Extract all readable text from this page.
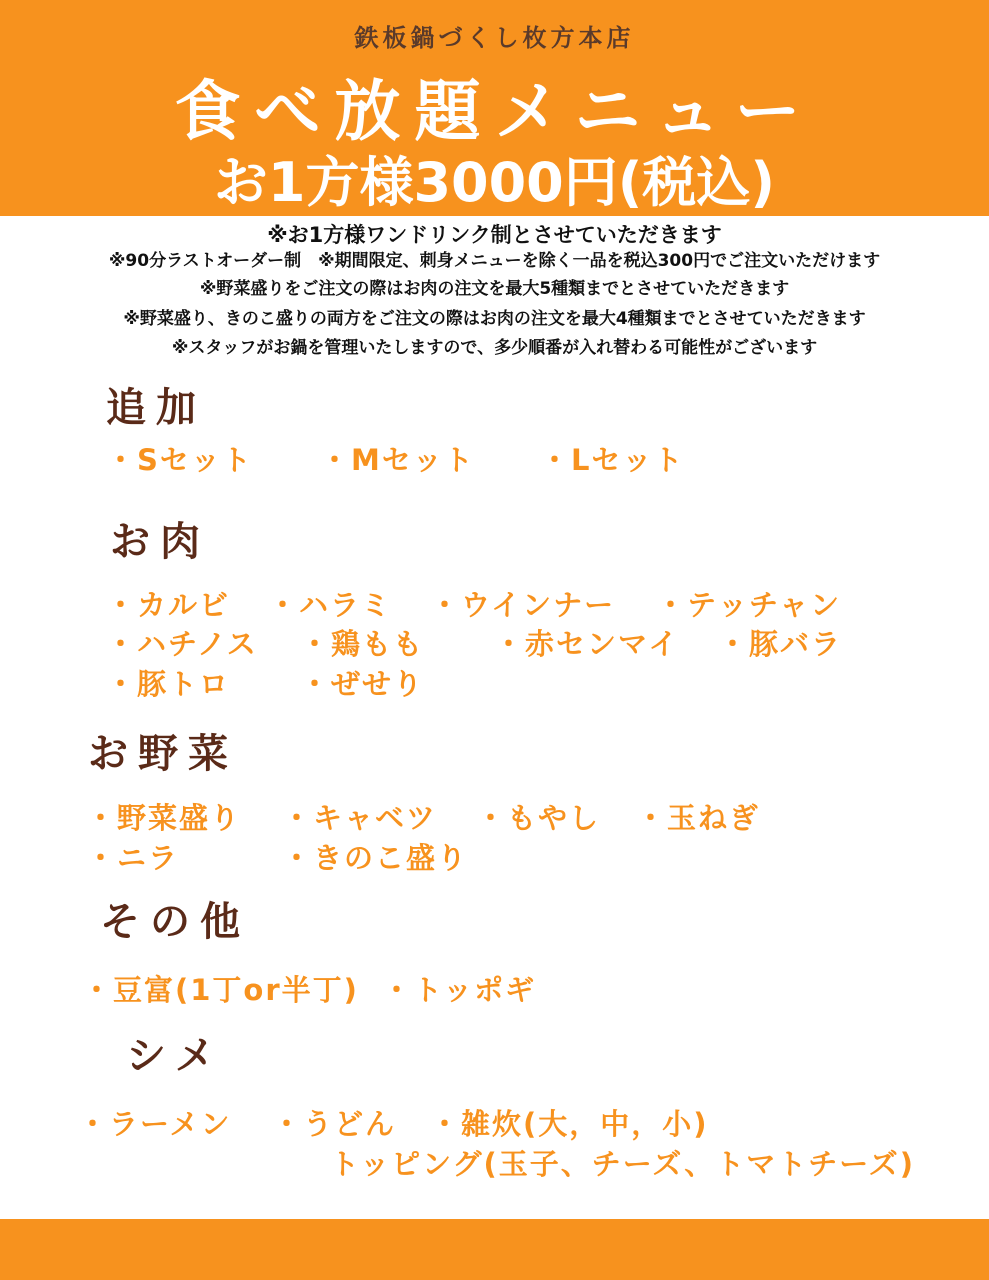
鉄板鍋づくし枚方本店
食べ放題メニュー
お1方様3000円(税込)
※お1方様ワンドリンク制とさせていただきます
※90分ラストオーダー制　※期間限定、刺身メニューを除く一品を税込300円でご注文いただけます
※野菜盛りをご注文の際はお肉の注文を最大5種類までとさせていただきます
※野菜盛り、きのこ盛りの両方をご注文の際はお肉の注文を最大4種類までとさせていただきます
※スタッフがお鍋を管理いたしますので、多少順番が入れ替わる可能性がございます
追加
・Sセット ・Mセット ・Lセット
お肉
・カルビ ・ハラミ ・ウインナー ・テッチャン
・ハチノス ・鶏もも ・赤センマイ ・豚バラ
・豚トロ ・ぜせり
お野菜
・野菜盛り ・キャベツ ・もやし ・玉ねぎ
・ニラ	・きのこ盛り
その他
・豆富(1丁or半丁) ・トッポギ
シメ
・ラーメン ・うどん ・雑炊(大，中，小)
トッピング(玉子、チーズ、トマトチーズ)
